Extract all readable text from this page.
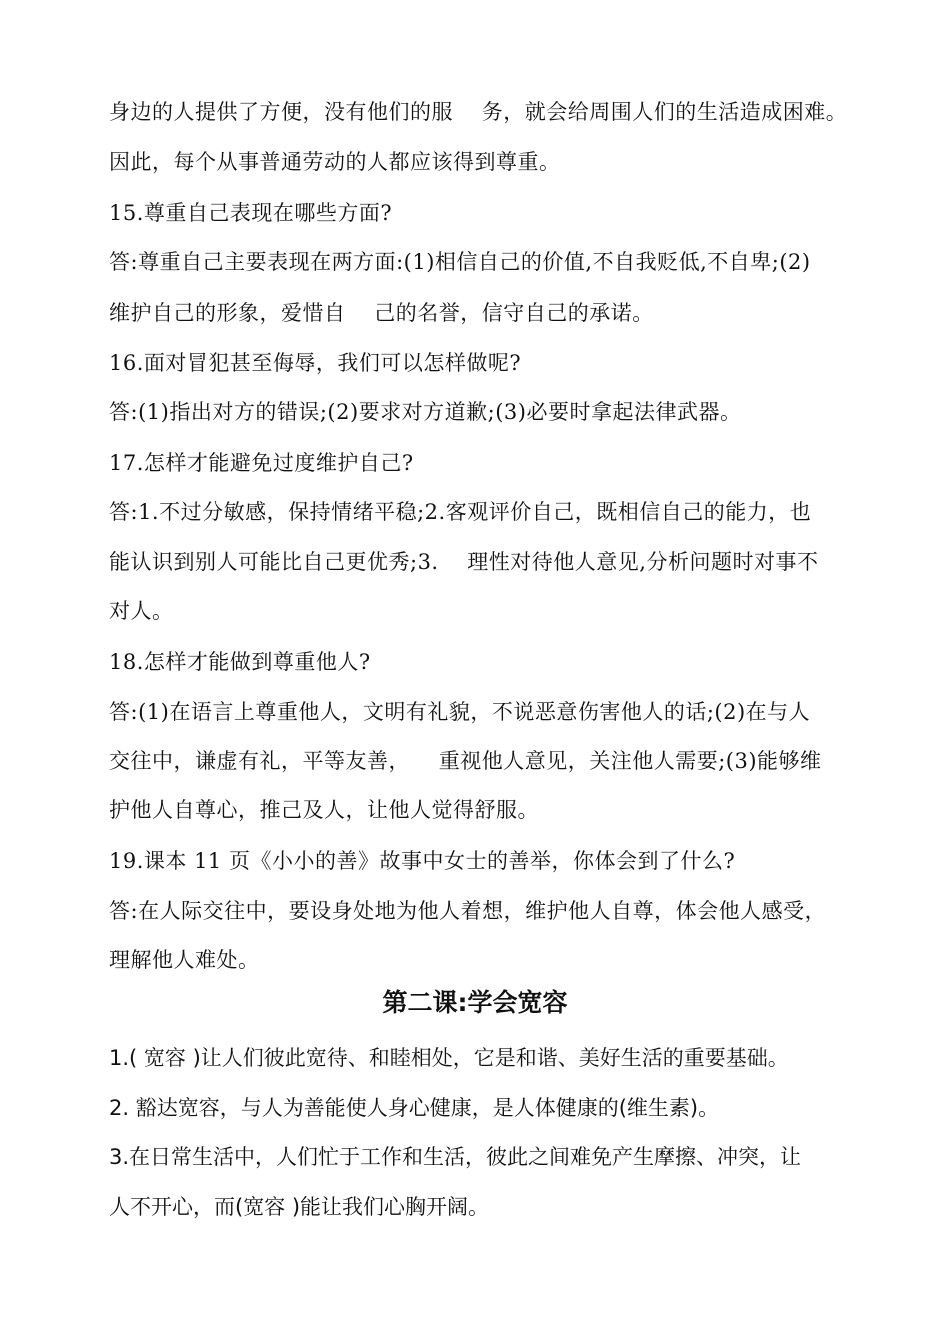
身边的人提供了方便，没有他们的服    务，就会给周围人们的生活造成困难。
因此，每个从事普通劳动的人都应该得到尊重。
15.尊重自己表现在哪些方面?
答:尊重自己主要表现在两方面:(1)相信自己的价值,不自我贬低,不自卑;(2)
维护自己的形象，爱惜自    己的名誉，信守自己的承诺。
16.面对冒犯甚至侮辱，我们可以怎样做呢?
答:(1)指出对方的错误;(2)要求对方道歉;(3)必要时拿起法律武器。
17.怎样才能避免过度维护自己?
答:1.不过分敏感，保持情绪平稳;2.客观评价自己，既相信自己的能力，也
能认识到别人可能比自己更优秀;3.    理性对待他人意见,分析问题时对事不
对人。
18.怎样才能做到尊重他人?
答:(1)在语言上尊重他人，文明有礼貌，不说恶意伤害他人的话;(2)在与人
交往中，谦虚有礼，平等友善，    重视他人意见，关注他人需要;(3)能够维
护他人自尊心，推己及人，让他人觉得舒服。
19.课本 11 页《小小的善》故事中女士的善举，你体会到了什么?
答:在人际交往中，要设身处地为他人着想，维护他人自尊，体会他人感受，
理解他人难处。
第二课:学会宽容
1.( 宽容 )让人们彼此宽待、和睦相处，它是和谐、美好生活的重要基础。
2. 豁达宽容，与人为善能使人身心健康，是人体健康的(维生素)。
3.在日常生活中，人们忙于工作和生活，彼此之间难免产生摩擦、冲突，让
人不开心，而(宽容 )能让我们心胸开阔。
